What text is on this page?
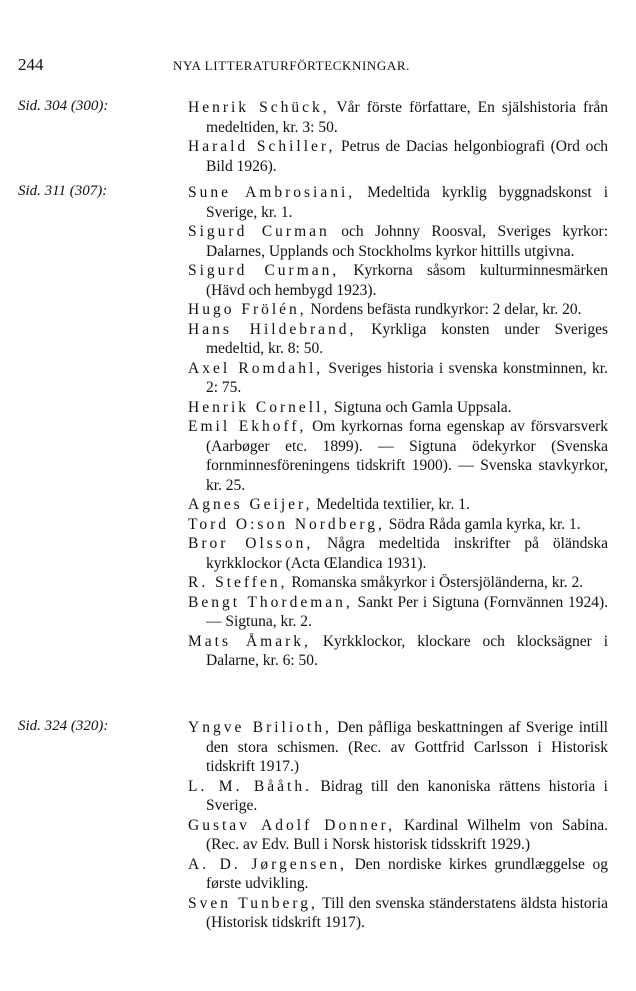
244	NYA LITTERATURFÖRTECKNINGAR.
Sid. 304 (300):	Henrik Schück, Vår förste författare, En själshistoria från medeltiden, kr. 3: 50.
Harald Schiller, Petrus de Dacias helgonbiografi (Ord och Bild 1926).
Sid. 311 (307):	Sune Ambrosiani, Medeltida kyrklig byggnadskonst i Sverige, kr. 1.
Sigurd Curman och Johnny Roosval, Sveriges kyrkor: Dalarnes, Upplands och Stockholms kyrkor hittills utgivna.
Sigurd Curman, Kyrkorna såsom kulturminnesmärken (Hävd och hembygd 1923).
Hugo Frölén, Nordens befästa rundkyrkor: 2 delar, kr. 20.
Hans Hildebrand, Kyrkliga konsten under Sveriges medeltid, kr. 8: 50.
Axel Romdahl, Sveriges historia i svenska konstminnen, kr. 2: 75.
Henrik Cornell, Sigtuna och Gamla Uppsala.
Emil Ekhoff, Om kyrkornas forna egenskap av försvarsverk (Aarbøger etc. 1899). — Sigtuna ödekyrkor (Svenska fornminnesföreningens tidskrift 1900). — Svenska stavkyrkor, kr. 25.
Agnes Geijer, Medeltida textilier, kr. 1.
Tord O:son Nordberg, Södra Råda gamla kyrka, kr. 1.
Bror Olsson, Några medeltida inskrifter på öländska kyrkklockor (Acta Œlandica 1931).
R. Steffen, Romanska småkyrkor i Östersjöländerna, kr. 2.
Bengt Thordeman, Sankt Per i Sigtuna (Fornvännen 1924). — Sigtuna, kr. 2.
Mats Åmark, Kyrkklockor, klockare och klocksägner i Dalarne, kr. 6: 50.
Sid. 324 (320):	Yngve Brilioth, Den påfliga beskattningen af Sverige intill den stora schismen. (Rec. av Gottfrid Carlsson i Historisk tidskrift 1917.)
L. M. Bååth. Bidrag till den kanoniska rättens historia i Sverige.
Gustav Adolf Donner, Kardinal Wilhelm von Sabina. (Rec. av Edv. Bull i Norsk historisk tidsskrift 1929.)
A. D. Jørgensen, Den nordiske kirkes grundlæggelse og første udvikling.
Sven Tunberg, Till den svenska ständerstatens äldsta historia (Historisk tidskrift 1917).
